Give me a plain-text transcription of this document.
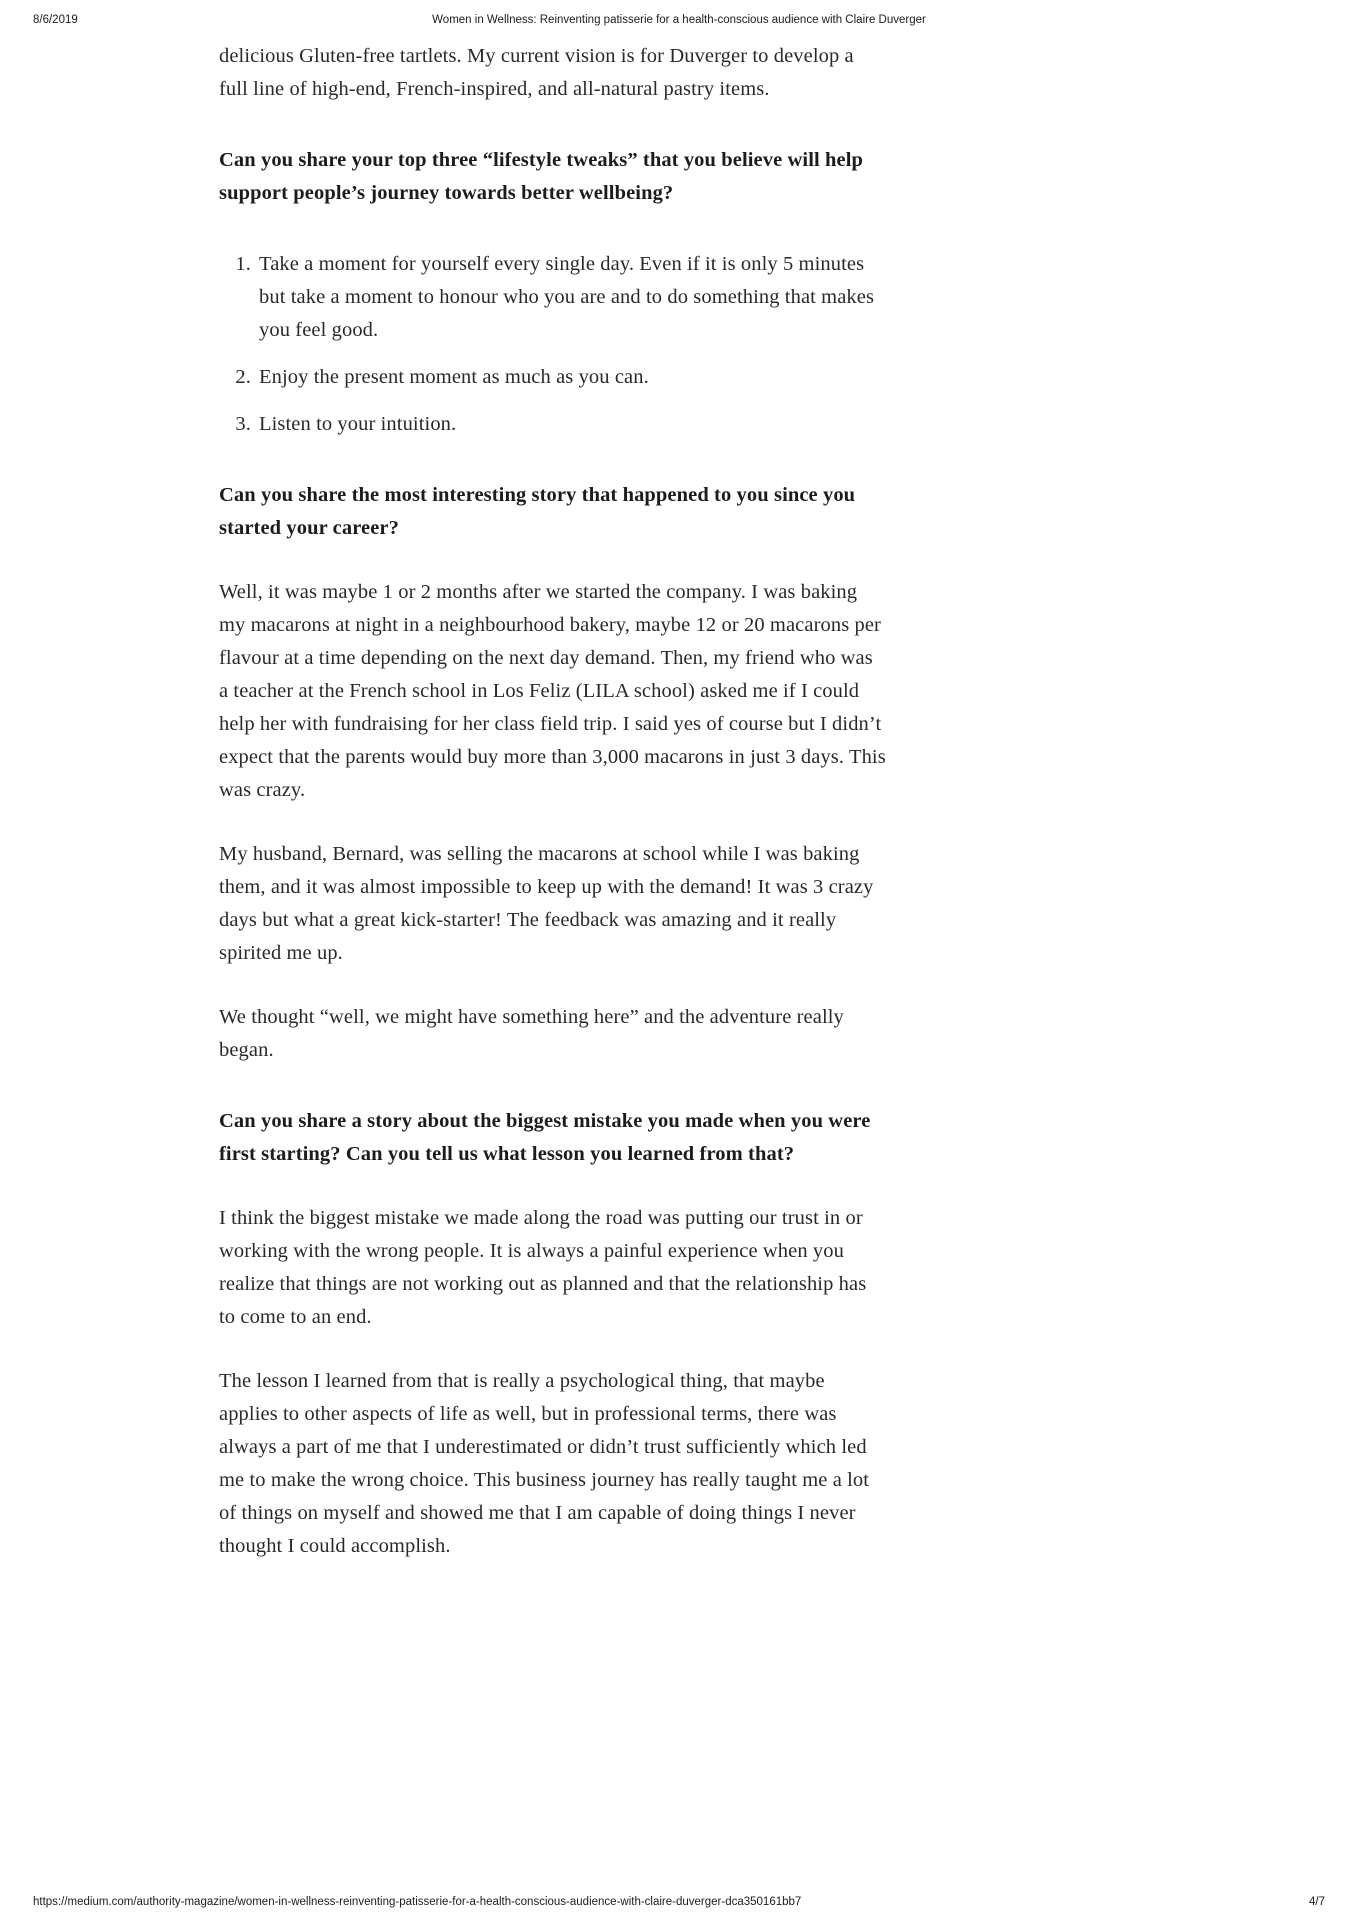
8/6/2019	Women in Wellness: Reinventing patisserie for a health-conscious audience with Claire Duverger

delicious Gluten-free tartlets. My current vision is for Duverger to develop a full line of high-end, French-inspired, and all-natural pastry items.

Can you share your top three “lifestyle tweaks” that you believe will help support people’s journey towards better wellbeing?
1. Take a moment for yourself every single day. Even if it is only 5 minutes but take a moment to honour who you are and to do something that makes you feel good.
2. Enjoy the present moment as much as you can.
3. Listen to your intuition.
Can you share the most interesting story that happened to you since you started your career?

Well, it was maybe 1 or 2 months after we started the company. I was baking my macarons at night in a neighbourhood bakery, maybe 12 or 20 macarons per flavour at a time depending on the next day demand. Then, my friend who was a teacher at the French school in Los Feliz (LILA school) asked me if I could help her with fundraising for her class field trip. I said yes of course but I didn’t expect that the parents would buy more than 3,000 macarons in just 3 days. This was crazy.

My husband, Bernard, was selling the macarons at school while I was baking them, and it was almost impossible to keep up with the demand! It was 3 crazy days but what a great kick-starter! The feedback was amazing and it really spirited me up.

We thought “well, we might have something here” and the adventure really began.

Can you share a story about the biggest mistake you made when you were first starting? Can you tell us what lesson you learned from that?

I think the biggest mistake we made along the road was putting our trust in or working with the wrong people. It is always a painful experience when you realize that things are not working out as planned and that the relationship has to come to an end.

The lesson I learned from that is really a psychological thing, that maybe applies to other aspects of life as well, but in professional terms, there was always a part of me that I underestimated or didn’t trust sufficiently which led me to make the wrong choice. This business journey has really taught me a lot of things on myself and showed me that I am capable of doing things I never thought I could accomplish.

https://medium.com/authority-magazine/women-in-wellness-reinventing-patisserie-for-a-health-conscious-audience-with-claire-duverger-dca350161bb7	4/7
